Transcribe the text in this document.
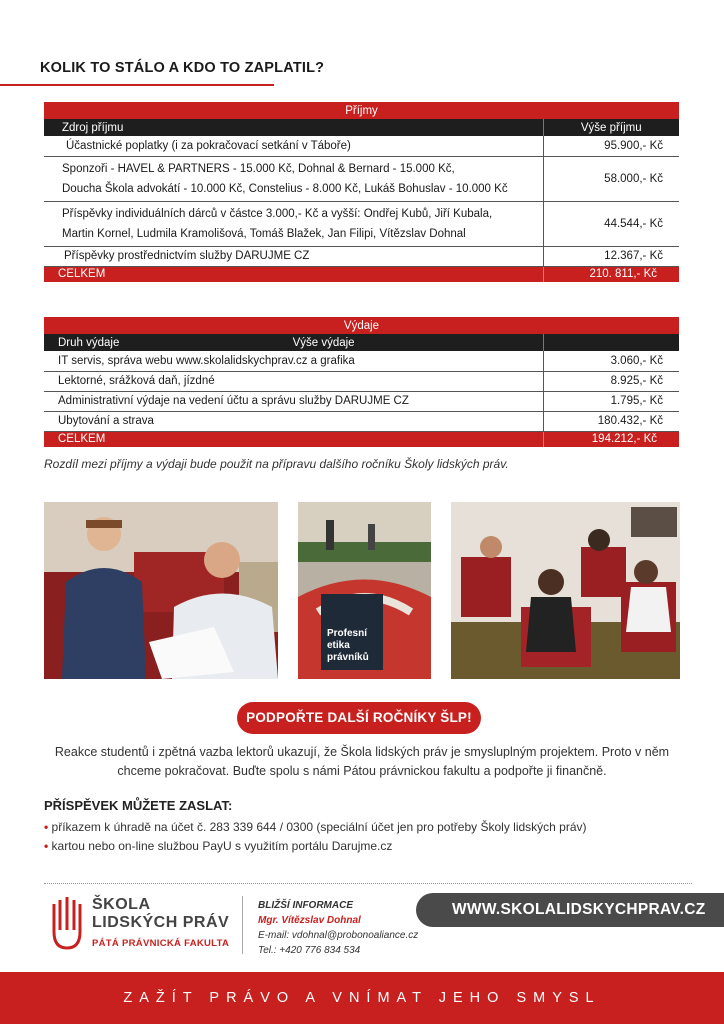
KOLIK TO STÁLO A KDO TO ZAPLATIL?
Příjmy	
Zdroj příjmu	Výše příjmu
Účastnické poplatky (i za pokračovací setkání v Táboře)	95.900,- Kč

Sponzoři - HAVEL & PARTNERS - 15.000 Kč, Dohnal & Bernard - 15.000 Kč,
Doucha Škola advokátí - 10.000 Kč, Constelius - 8.000 Kč, Lukáš Bohuslav - 10.000 Kč	58.000,- Kč

Příspěvky individuálních dárců v částce 3.000,- Kč a vyšší: Ondřej Kubů, Jiří Kubala,
Martin Kornel, Ludmila Kramolišová, Tomáš Blažek, Jan Filipi, Vítězslav Dohnal	44.544,- Kč
Příspěvky prostřednictvím služby DARUJME CZ	12.367,- Kč
CELKEM	210. 811,- Kč
Výdaje	
Druh výdaje Výše výdaje	
IT servis, správa webu www.skolalidskychprav.cz a grafika	3.060,- Kč
Lektorné, srážková daň, jízdné	8.925,- Kč
Administrativní výdaje na vedení účtu a správu služby DARUJME CZ	1.795,- Kč
Ubytování a strava	180.432,- Kč
CELKEM	194.212,- Kč
Rozdíl mezi příjmy a výdaji bude použit na přípravu dalšího ročníku Školy lidských práv.
Profesní
etika právníků
PODPOŘTE DALŠÍ ROČNÍKY ŠLP!
Reakce studentů i zpětná vazba lektorů ukazují, že Škola lidských práv je smysluplným projektem. Proto v něm chceme pokračovat. Buďte spolu s námi Pátou právnickou fakultu a podpořte ji finančně.
PŘÍSPĚVEK MŮŽETE ZASLAT:
• příkazem k úhradě na účet č. 283 339 644 / 0300 (speciální účet jen pro potřeby Školy lidských práv)
• kartou nebo on-line službou PayU s využitím portálu Darujme.cz
ŠKOLA
LIDSKÝCH PRÁV
PÁTÁ PRÁVNICKÁ FAKULTA
BLIŽŠÍ INFORMACE
Mgr. Vítězslav Dohnal
E-mail: vdohnal@probonoaliance.cz
Tel.: +420 776 834 534
WWW.SKOLALIDSKYCHPRAV.CZ
ZAŽÍT PRÁVO A VNÍMAT JEHO SMYSL
